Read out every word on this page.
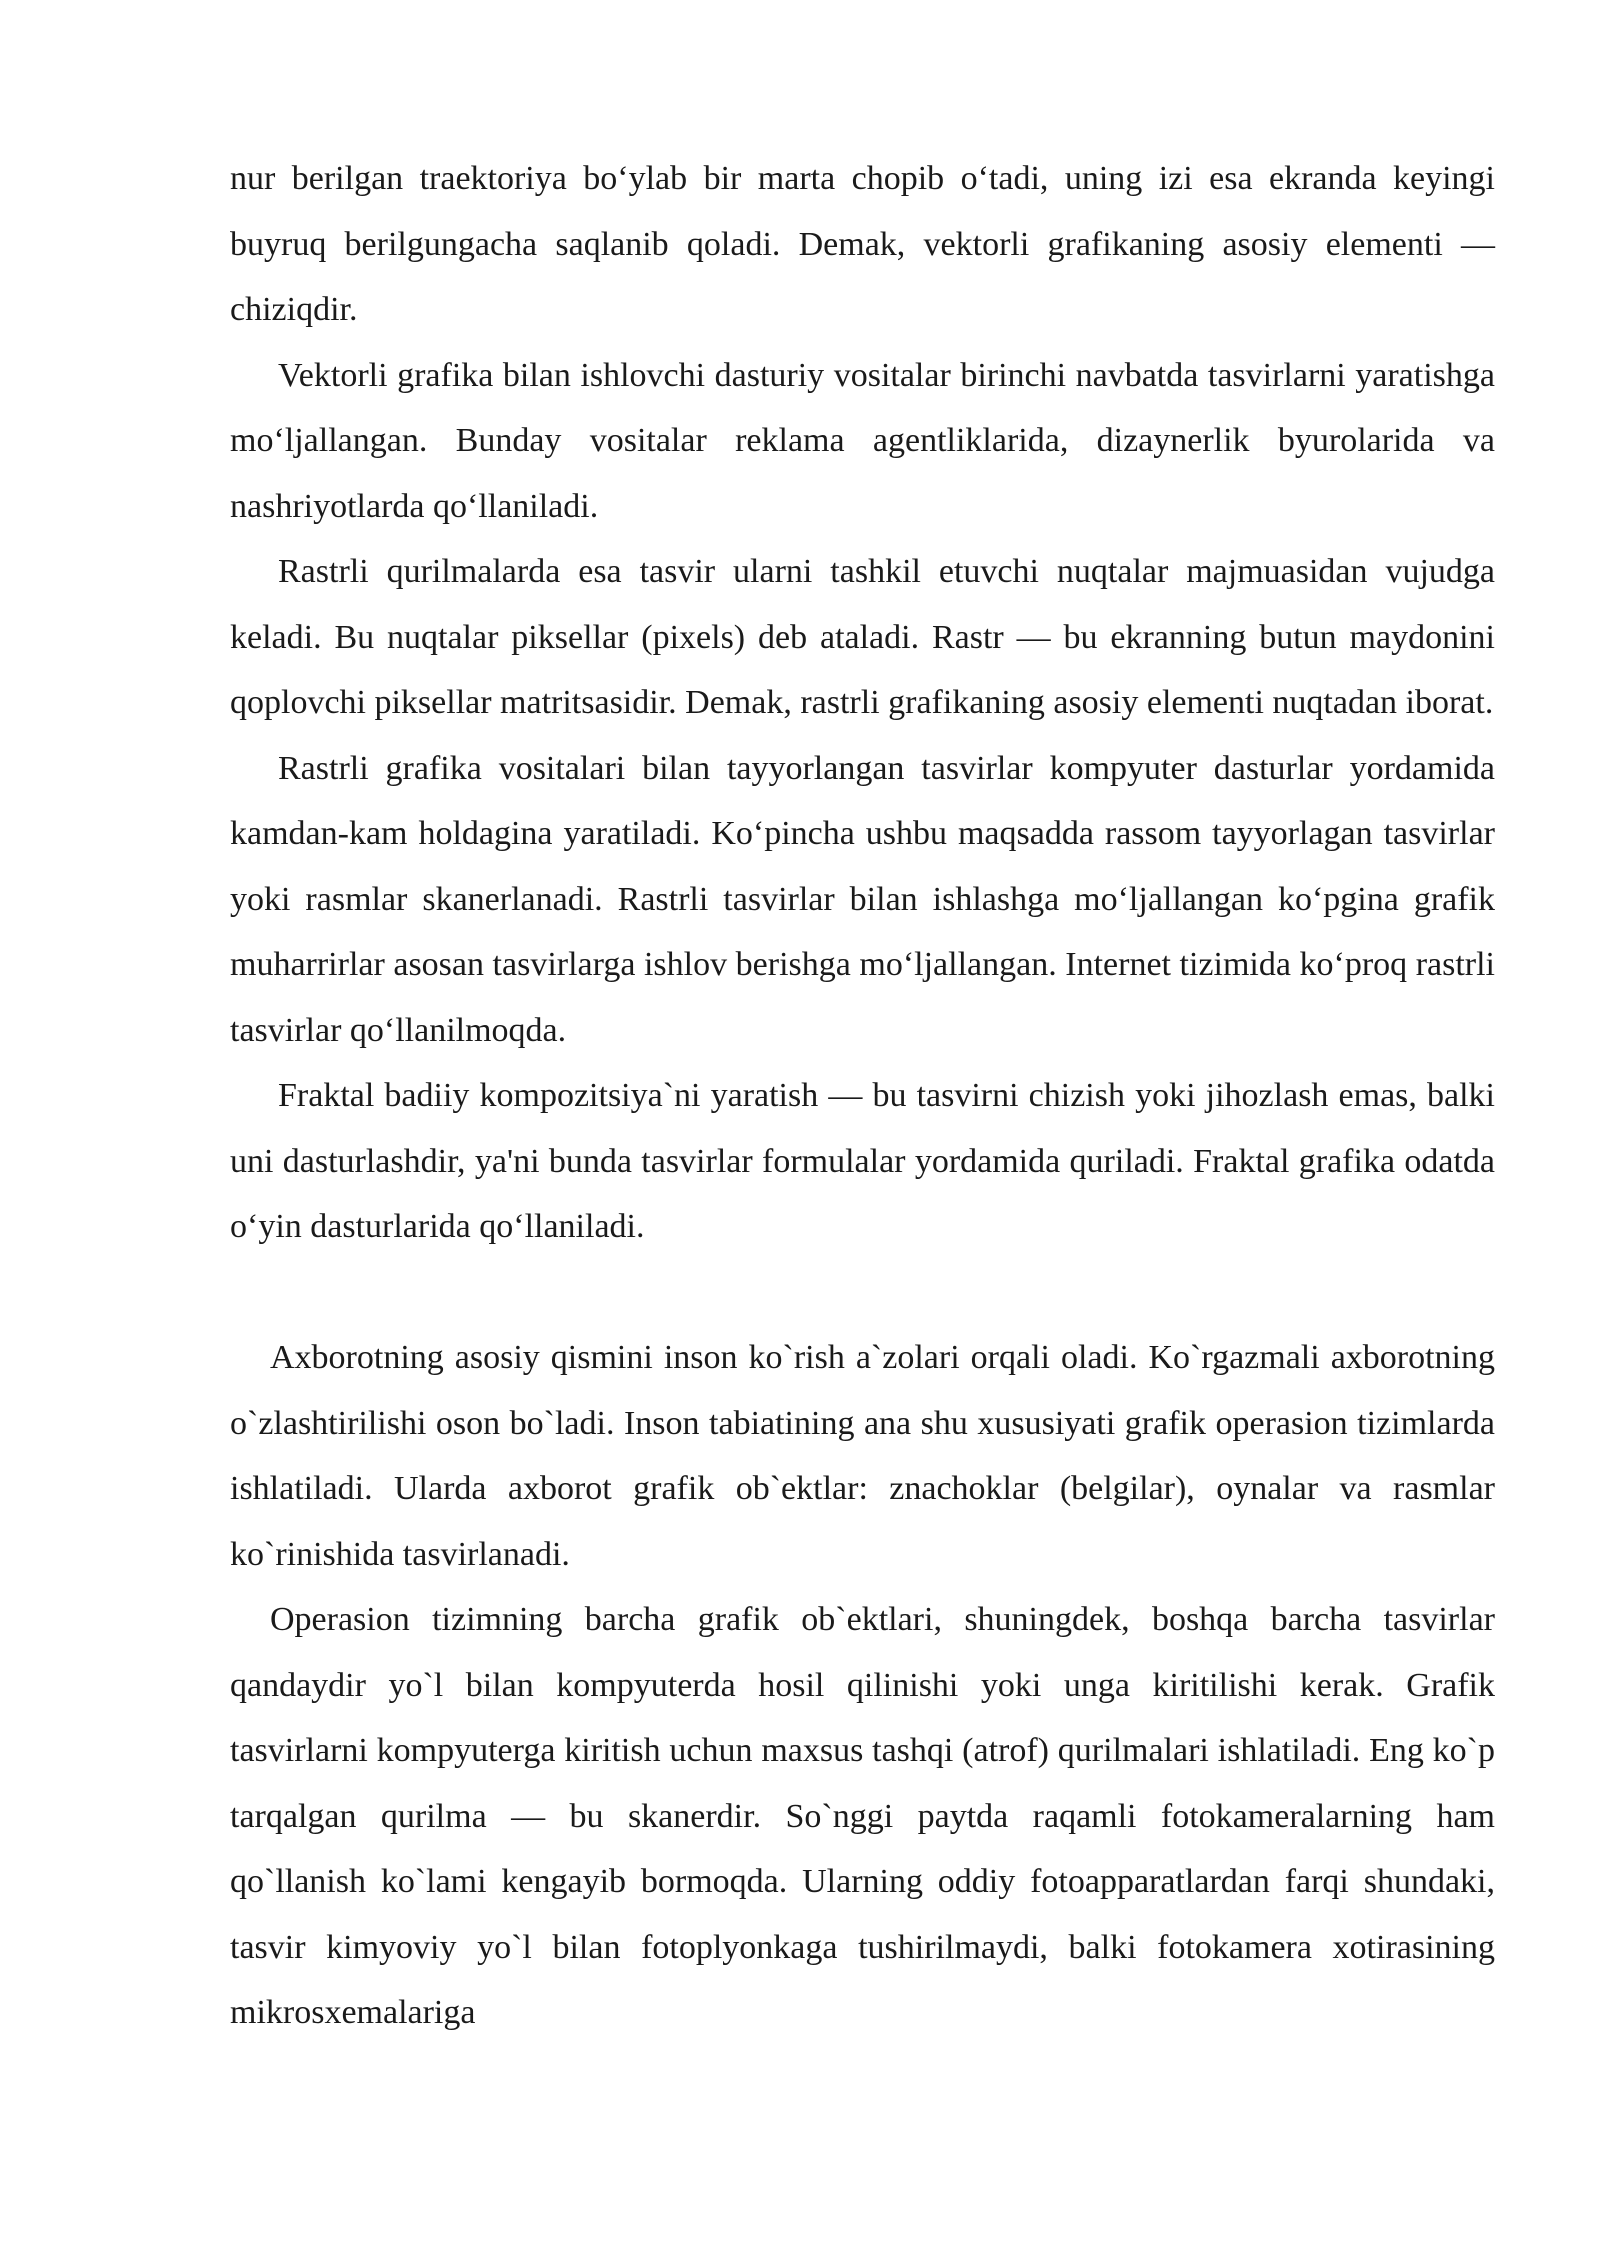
nur berilgan traektoriya bo‘ylab bir marta chopib o‘tadi, uning izi esa ekranda keyingi buyruq berilgungacha saqlanib qoladi. Demak, vektorli grafikaning asosiy elementi — chiziqdir.

Vektorli grafika bilan ishlovchi dasturiy vositalar birinchi navbatda tasvirlarni yaratishga mo‘ljallangan. Bunday vositalar reklama agentliklarida, dizaynerlik byurolarida va nashriyotlarda qo‘llaniladi.

Rastrli qurilmalarda esa tasvir ularni tashkil etuvchi nuqtalar majmuasidan vujudga keladi. Bu nuqtalar piksellar (pixels) deb ataladi. Rastr — bu ekranning butun maydonini qoplovchi piksellar matritsasidir. Demak, rastrli grafikaning asosiy elementi nuqtadan iborat.

Rastrli grafika vositalari bilan tayyorlangan tasvirlar kompyuter dasturlar yordamida kamdan-kam holdagina yaratiladi. Ko‘pincha ushbu maqsadda rassom tayyorlagan tasvirlar yoki rasmlar skanerlanadi. Rastrli tasvirlar bilan ishlashga mo‘ljallangan ko‘pgina grafik muharrirlar asosan tasvirlarga ishlov berishga mo‘ljallangan. Internet tizimida ko‘proq rastrli tasvirlar qo‘llanilmoqda.

Fraktal badiiy kompozitsiya`ni yaratish — bu tasvirni chizish yoki jihozlash emas, balki uni dasturlashdir, ya'ni bunda tasvirlar formulalar yordamida quriladi. Fraktal grafika odatda o‘yin dasturlarida qo‘llaniladi.

Axborotning asosiy qismini inson ko`rish a`zolari orqali oladi. Ko`rgazmali axborotning o`zlashtirilishi oson bo`ladi. Inson tabiatining ana shu xususiyati grafik operasion tizimlarda ishlatiladi. Ularda axborot grafik ob`ektlar: znachoklar (belgilar), oynalar va rasmlar ko`rinishida tasvirlanadi.

Operasion tizimning barcha grafik ob`ektlari, shuningdek, boshqa barcha tasvirlar qandaydir yo`l bilan kompyuterda hosil qilinishi yoki unga kiritilishi kerak. Grafik tasvirlarni kompyuterga kiritish uchun maxsus tashqi (atrof) qurilmalari ishlatiladi. Eng ko`p tarqalgan qurilma — bu skanerdir. So`nggi paytda raqamli fotokameralarning ham qo`llanish ko`lami kengayib bormoqda. Ularning oddiy fotoapparatlardan farqi shundaki, tasvir kimyoviy yo`l bilan fotoplyonkaga tushirilmaydi, balki fotokamera xotirasining mikrosxemalariga
